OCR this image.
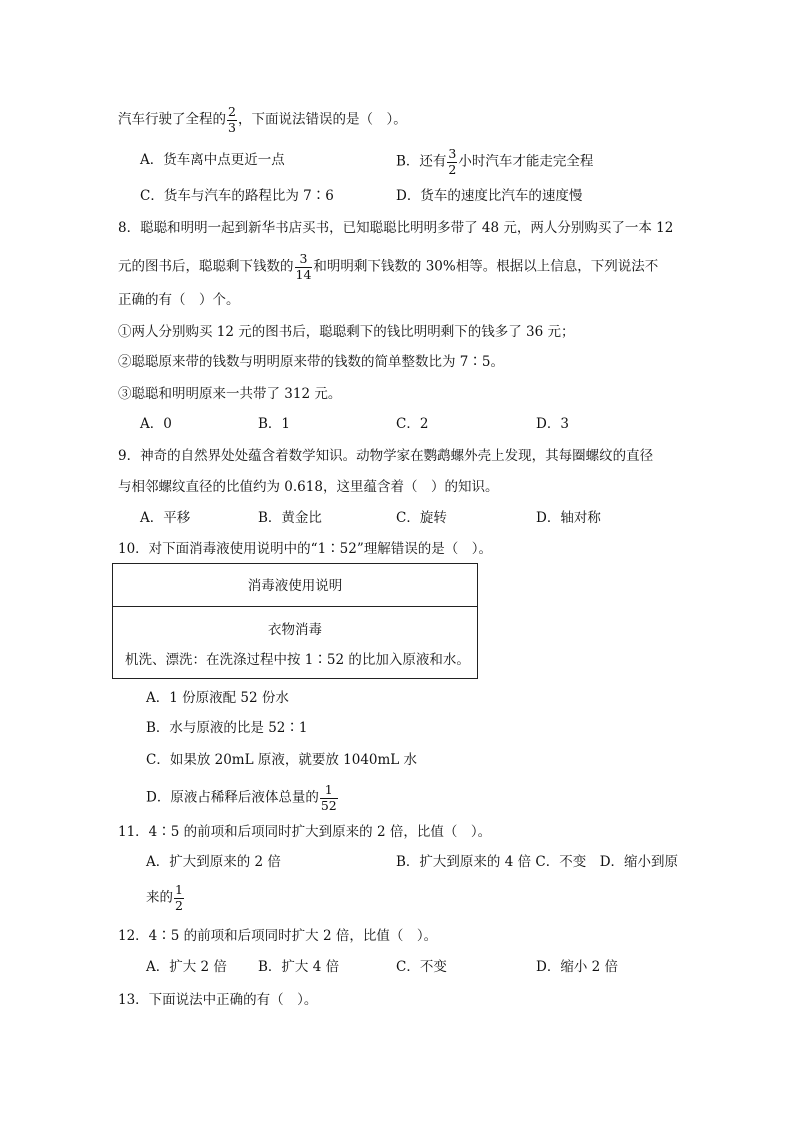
汽车行驶了全程的 $\frac{2}{3}$ ，下面说法错误的是（　）。
A．货车离中点更近一点	B．还有 $\frac{3}{2}$ 小时汽车才能走完全程
C．货车与汽车的路程比为 7∶6	D．货车的速度比汽车的速度慢
8．聪聪和明明一起到新华书店买书，已知聪聪比明明多带了 48 元，两人分别购买了一本 12
元的图书后，聪聪剩下钱数的 $\frac{3}{14}$ 和明明剩下钱数的 30%相等。根据以上信息，下列说法不
正确的有（　）个。
①两人分别购买 12 元的图书后，聪聪剩下的钱比明明剩下的钱多了 36 元；
②聪聪原来带的钱数与明明原来带的钱数的简单整数比为 7∶5。
③聪聪和明明原来一共带了 312 元。
A．0	B．1	C．2	D．3
9．神奇的自然界处处蕴含着数学知识。动物学家在鹦鹉螺外壳上发现，其每圈螺纹的直径
与相邻螺纹直径的比值约为 0.618，这里蕴含着（　）的知识。
A．平移	B．黄金比	C．旋转	D．轴对称
10．对下面消毒液使用说明中的“1∶52”理解错误的是（　）。
消毒液使用说明
衣物消毒
机洗、漂洗：在洗涤过程中按 1∶52 的比加入原液和水。
A．1 份原液配 52 份水
B．水与原液的比是 52∶1
C．如果放 20mL 原液，就要放 1040mL 水
D．原液占稀释后液体总量的 $\frac{1}{52}$
11．4∶5 的前项和后项同时扩大到原来的 2 倍，比值（　）。
A．扩大到原来的 2 倍	B．扩大到原来的 4 倍 C．不变　D．缩小到原
来的 $\frac{1}{2}$
12．4∶5 的前项和后项同时扩大 2 倍，比值（　）。
A．扩大 2 倍 B．扩大 4 倍	C．不变	D．缩小 2 倍
13．下面说法中正确的有（　）。
